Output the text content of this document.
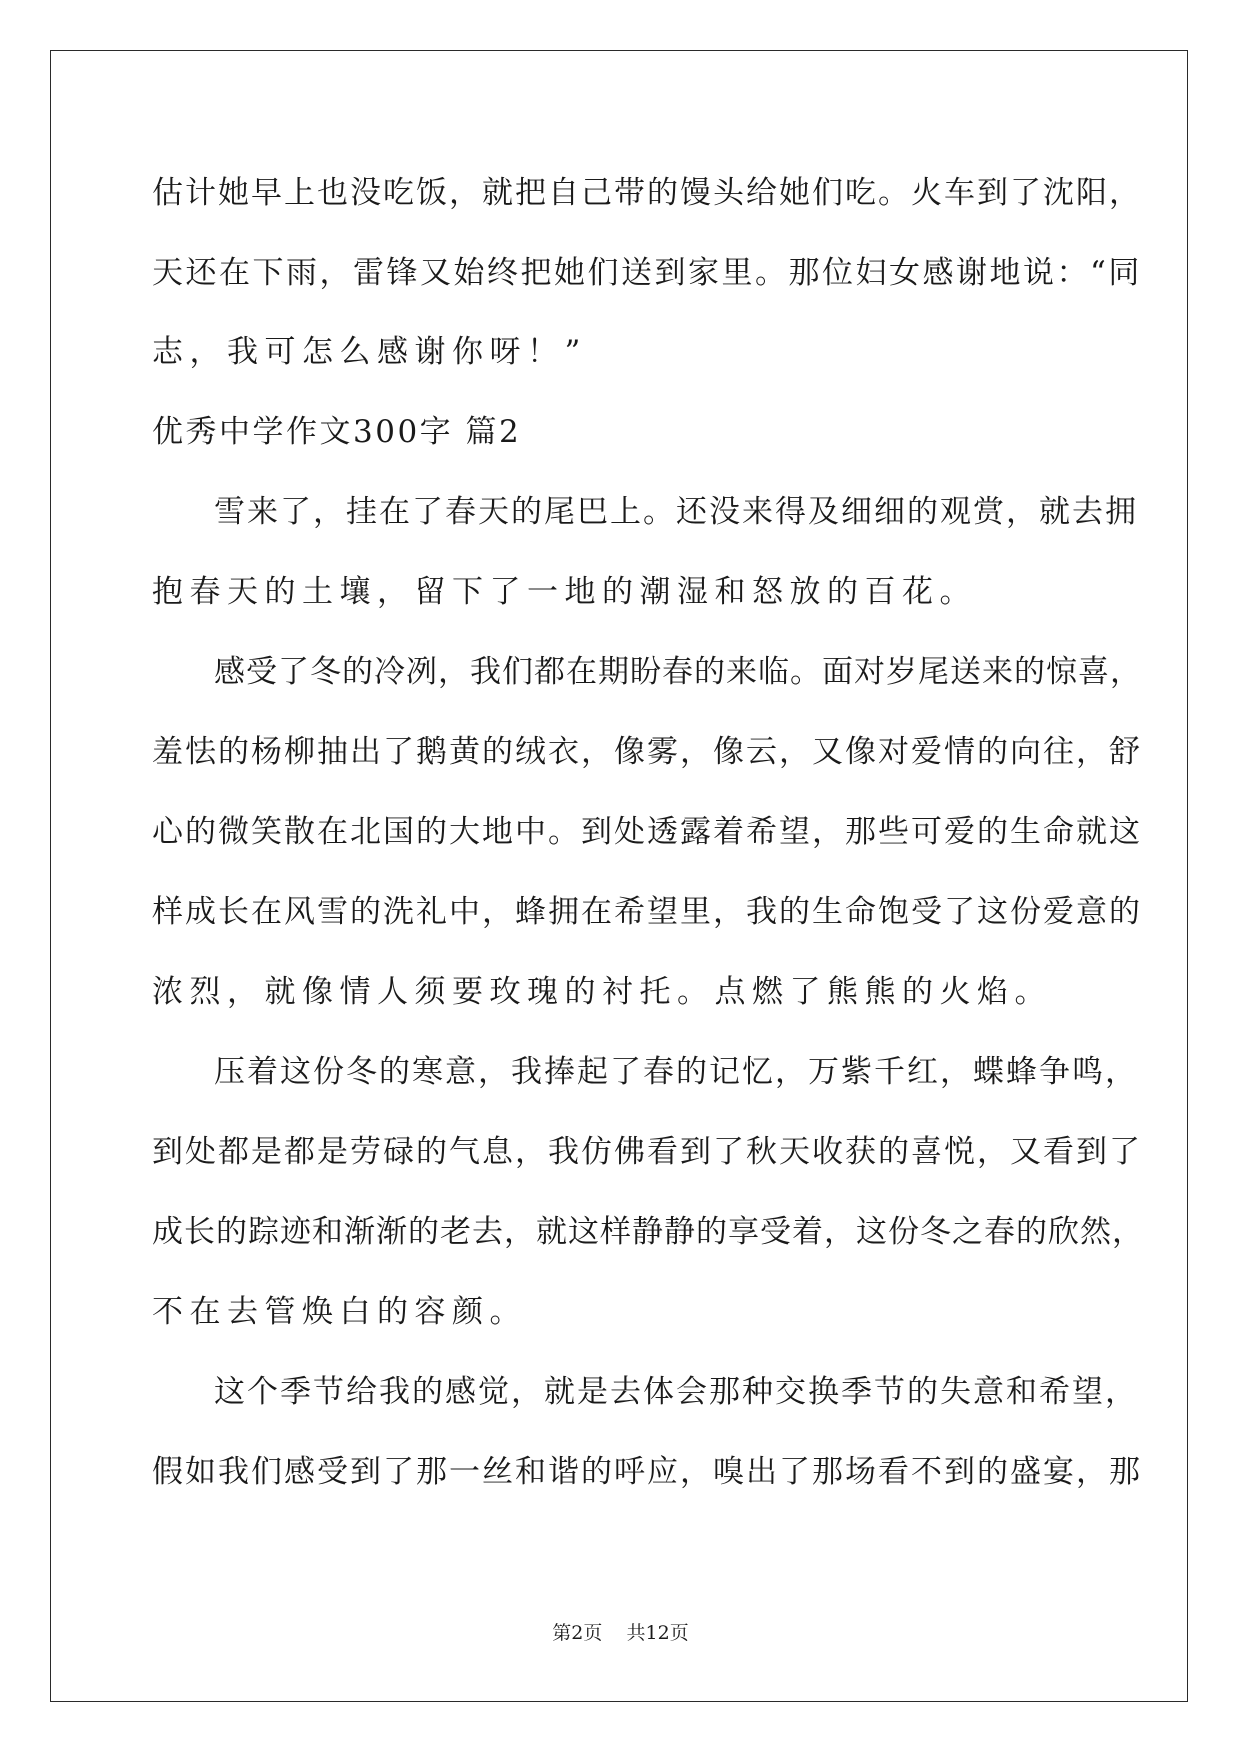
估计她早上也没吃饭，就把自己带的馒头给她们吃。火车到了沈阳，
天还在下雨，雷锋又始终把她们送到家里。那位妇女感谢地说：“同
志，我可怎么感谢你呀！”
优秀中学作文300字 篇2
雪来了，挂在了春天的尾巴上。还没来得及细细的观赏，就去拥
抱春天的土壤，留下了一地的潮湿和怒放的百花。
感受了冬的冷冽，我们都在期盼春的来临。面对岁尾送来的惊喜，
羞怯的杨柳抽出了鹅黄的绒衣，像雾，像云，又像对爱情的向往，舒
心的微笑散在北国的大地中。到处透露着希望，那些可爱的生命就这
样成长在风雪的洗礼中，蜂拥在希望里，我的生命饱受了这份爱意的
浓烈，就像情人须要玫瑰的衬托。点燃了熊熊的火焰。
压着这份冬的寒意，我捧起了春的记忆，万紫千红，蝶蜂争鸣，
到处都是都是劳碌的气息，我仿佛看到了秋天收获的喜悦，又看到了
成长的踪迹和渐渐的老去，就这样静静的享受着，这份冬之春的欣然，
不在去管焕白的容颜。
这个季节给我的感觉，就是去体会那种交换季节的失意和希望，
假如我们感受到了那一丝和谐的呼应，嗅出了那场看不到的盛宴，那
第2页    共12页
